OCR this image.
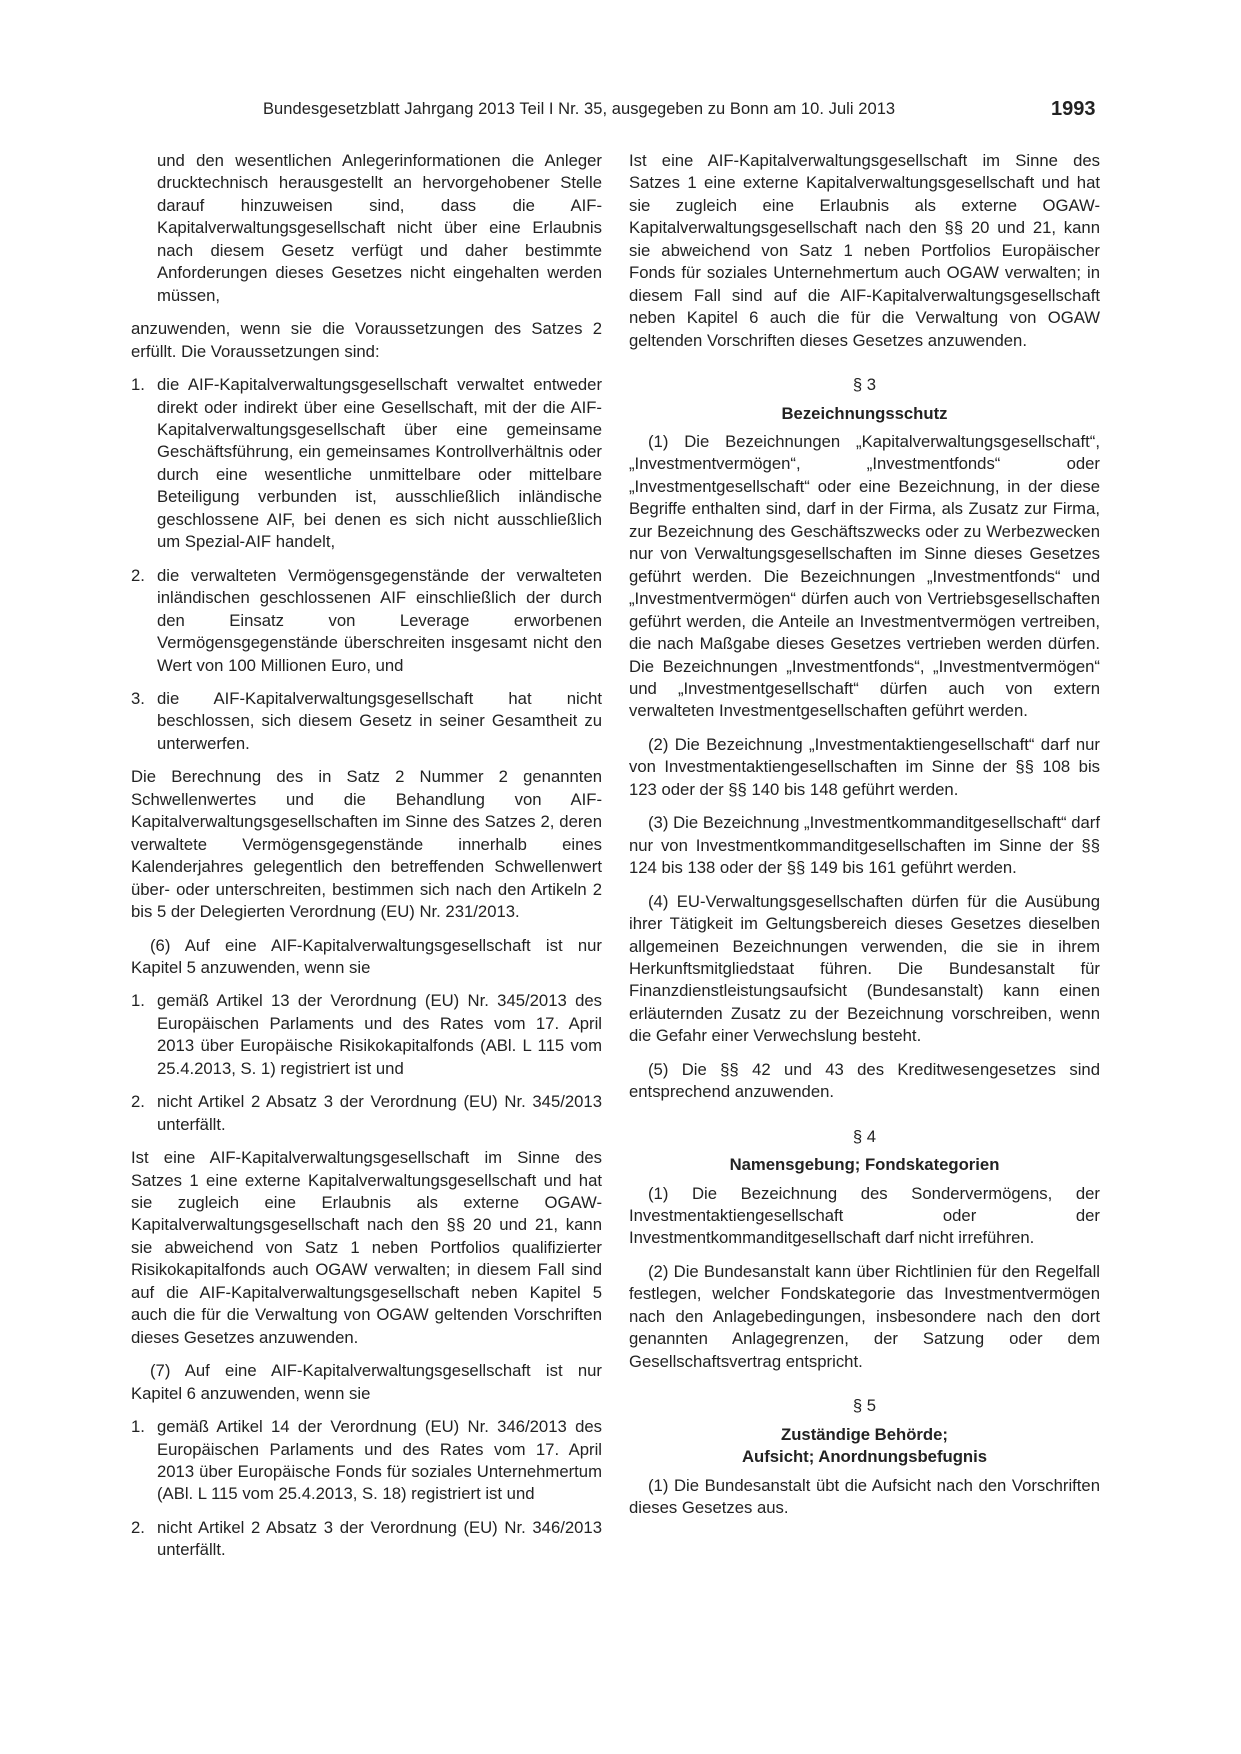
Bundesgesetzblatt Jahrgang 2013 Teil I Nr. 35, ausgegeben zu Bonn am 10. Juli 2013	1993

und den wesentlichen Anlegerinformationen die Anleger drucktechnisch herausgestellt an hervorgehobener Stelle darauf hinzuweisen sind, dass die AIF-Kapitalverwaltungsgesellschaft nicht über eine Erlaubnis nach diesem Gesetz verfügt und daher bestimmte Anforderungen dieses Gesetzes nicht eingehalten werden müssen,

anzuwenden, wenn sie die Voraussetzungen des Satzes 2 erfüllt. Die Voraussetzungen sind:

1. die AIF-Kapitalverwaltungsgesellschaft verwaltet entweder direkt oder indirekt über eine Gesellschaft, mit der die AIF-Kapitalverwaltungsgesellschaft über eine gemeinsame Geschäftsführung, ein gemeinsames Kontrollverhältnis oder durch eine wesentliche unmittelbare oder mittelbare Beteiligung verbunden ist, ausschließlich inländische geschlossene AIF, bei denen es sich nicht ausschließlich um Spezial-AIF handelt,
2. die verwalteten Vermögensgegenstände der verwalteten inländischen geschlossenen AIF einschließlich der durch den Einsatz von Leverage erworbenen Vermögensgegenstände überschreiten insgesamt nicht den Wert von 100 Millionen Euro, und
3. die AIF-Kapitalverwaltungsgesellschaft hat nicht beschlossen, sich diesem Gesetz in seiner Gesamtheit zu unterwerfen.

Die Berechnung des in Satz 2 Nummer 2 genannten Schwellenwertes und die Behandlung von AIF-Kapitalverwaltungsgesellschaften im Sinne des Satzes 2, deren verwaltete Vermögensgegenstände innerhalb eines Kalenderjahres gelegentlich den betreffenden Schwellenwert über- oder unterschreiten, bestimmen sich nach den Artikeln 2 bis 5 der Delegierten Verordnung (EU) Nr. 231/2013.

(6) Auf eine AIF-Kapitalverwaltungsgesellschaft ist nur Kapitel 5 anzuwenden, wenn sie

1. gemäß Artikel 13 der Verordnung (EU) Nr. 345/2013 des Europäischen Parlaments und des Rates vom 17. April 2013 über Europäische Risikokapitalfonds (ABl. L 115 vom 25.4.2013, S. 1) registriert ist und
2. nicht Artikel 2 Absatz 3 der Verordnung (EU) Nr. 345/2013 unterfällt.

Ist eine AIF-Kapitalverwaltungsgesellschaft im Sinne des Satzes 1 eine externe Kapitalverwaltungsgesellschaft und hat sie zugleich eine Erlaubnis als externe OGAW-Kapitalverwaltungsgesellschaft nach den §§ 20 und 21, kann sie abweichend von Satz 1 neben Portfolios qualifizierter Risikokapitalfonds auch OGAW verwalten; in diesem Fall sind auf die AIF-Kapitalverwaltungsgesellschaft neben Kapitel 5 auch die für die Verwaltung von OGAW geltenden Vorschriften dieses Gesetzes anzuwenden.

(7) Auf eine AIF-Kapitalverwaltungsgesellschaft ist nur Kapitel 6 anzuwenden, wenn sie

1. gemäß Artikel 14 der Verordnung (EU) Nr. 346/2013 des Europäischen Parlaments und des Rates vom 17. April 2013 über Europäische Fonds für soziales Unternehmertum (ABl. L 115 vom 25.4.2013, S. 18) registriert ist und
2. nicht Artikel 2 Absatz 3 der Verordnung (EU) Nr. 346/2013 unterfällt.

Ist eine AIF-Kapitalverwaltungsgesellschaft im Sinne des Satzes 1 eine externe Kapitalverwaltungsgesellschaft und hat sie zugleich eine Erlaubnis als externe OGAW-Kapitalverwaltungsgesellschaft nach den §§ 20 und 21, kann sie abweichend von Satz 1 neben Portfolios Europäischer Fonds für soziales Unternehmertum auch OGAW verwalten; in diesem Fall sind auf die AIF-Kapitalverwaltungsgesellschaft neben Kapitel 6 auch die für die Verwaltung von OGAW geltenden Vorschriften dieses Gesetzes anzuwenden.

§ 3
Bezeichnungsschutz

(1) Die Bezeichnungen „Kapitalverwaltungsgesellschaft“, „Investmentvermögen“, „Investmentfonds“ oder „Investmentgesellschaft“ oder eine Bezeichnung, in der diese Begriffe enthalten sind, darf in der Firma, als Zusatz zur Firma, zur Bezeichnung des Geschäftszwecks oder zu Werbezwecken nur von Verwaltungsgesellschaften im Sinne dieses Gesetzes geführt werden. Die Bezeichnungen „Investmentfonds“ und „Investmentvermögen“ dürfen auch von Vertriebsgesellschaften geführt werden, die Anteile an Investmentvermögen vertreiben, die nach Maßgabe dieses Gesetzes vertrieben werden dürfen. Die Bezeichnungen „Investmentfonds“, „Investmentvermögen“ und „Investmentgesellschaft“ dürfen auch von extern verwalteten Investmentgesellschaften geführt werden.

(2) Die Bezeichnung „Investmentaktiengesellschaft“ darf nur von Investmentaktiengesellschaften im Sinne der §§ 108 bis 123 oder der §§ 140 bis 148 geführt werden.

(3) Die Bezeichnung „Investmentkommanditgesellschaft“ darf nur von Investmentkommanditgesellschaften im Sinne der §§ 124 bis 138 oder der §§ 149 bis 161 geführt werden.

(4) EU-Verwaltungsgesellschaften dürfen für die Ausübung ihrer Tätigkeit im Geltungsbereich dieses Gesetzes dieselben allgemeinen Bezeichnungen verwenden, die sie in ihrem Herkunftsmitgliedstaat führen. Die Bundesanstalt für Finanzdienstleistungsaufsicht (Bundesanstalt) kann einen erläuternden Zusatz zu der Bezeichnung vorschreiben, wenn die Gefahr einer Verwechslung besteht.

(5) Die §§ 42 und 43 des Kreditwesengesetzes sind entsprechend anzuwenden.

§ 4
Namensgebung; Fondskategorien

(1) Die Bezeichnung des Sondervermögens, der Investmentaktiengesellschaft oder der Investmentkommanditgesellschaft darf nicht irreführen.

(2) Die Bundesanstalt kann über Richtlinien für den Regelfall festlegen, welcher Fondskategorie das Investmentvermögen nach den Anlagebedingungen, insbesondere nach den dort genannten Anlagegrenzen, der Satzung oder dem Gesellschaftsvertrag entspricht.

§ 5
Zuständige Behörde;
Aufsicht; Anordnungsbefugnis

(1) Die Bundesanstalt übt die Aufsicht nach den Vorschriften dieses Gesetzes aus.
